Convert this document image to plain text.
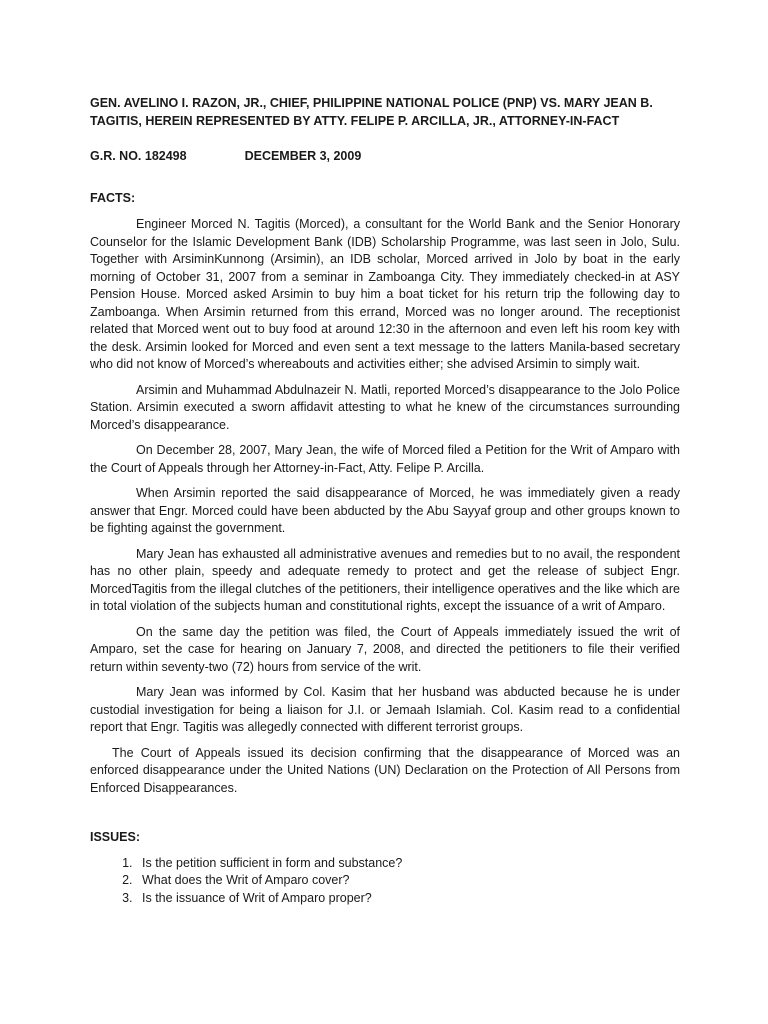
GEN. AVELINO I. RAZON, JR., CHIEF, PHILIPPINE NATIONAL POLICE (PNP) VS. MARY JEAN B. TAGITIS, HEREIN REPRESENTED BY ATTY. FELIPE P. ARCILLA, JR., ATTORNEY-IN-FACT

G.R. NO. 182498	DECEMBER 3, 2009

FACTS:

Engineer Morced N. Tagitis (Morced), a consultant for the World Bank and the Senior Honorary Counselor for the Islamic Development Bank (IDB) Scholarship Programme, was last seen in Jolo, Sulu. Together with ArsiminKunnong (Arsimin), an IDB scholar, Morced arrived in Jolo by boat in the early morning of October 31, 2007 from a seminar in Zamboanga City. They immediately checked-in at ASY Pension House. Morced asked Arsimin to buy him a boat ticket for his return trip the following day to Zamboanga. When Arsimin returned from this errand, Morced was no longer around. The receptionist related that Morced went out to buy food at around 12:30 in the afternoon and even left his room key with the desk. Arsimin looked for Morced and even sent a text message to the latters Manila-based secretary who did not know of Morced’s whereabouts and activities either; she advised Arsimin to simply wait.

Arsimin and Muhammad Abdulnazeir N. Matli, reported Morced’s disappearance to the Jolo Police Station. Arsimin executed a sworn affidavit attesting to what he knew of the circumstances surrounding Morced’s disappearance.

On December 28, 2007, Mary Jean, the wife of Morced filed a Petition for the Writ of Amparo with the Court of Appeals through her Attorney-in-Fact, Atty. Felipe P. Arcilla.

When Arsimin reported the said disappearance of Morced, he was immediately given a ready answer that Engr. Morced could have been abducted by the Abu Sayyaf group and other groups known to be fighting against the government.

Mary Jean has exhausted all administrative avenues and remedies but to no avail, the respondent has no other plain, speedy and adequate remedy to protect and get the release of subject Engr. MorcedTagitis from the illegal clutches of the petitioners, their intelligence operatives and the like which are in total violation of the subjects human and constitutional rights, except the issuance of a writ of Amparo.

On the same day the petition was filed, the Court of Appeals immediately issued the writ of Amparo, set the case for hearing on January 7, 2008, and directed the petitioners to file their verified return within seventy-two (72) hours from service of the writ.

Mary Jean was informed by Col. Kasim that her husband was abducted because he is under custodial investigation for being a liaison for J.I. or Jemaah Islamiah. Col. Kasim read to a confidential report that Engr. Tagitis was allegedly connected with different terrorist groups.

The Court of Appeals issued its decision confirming that the disappearance of Morced was an enforced disappearance under the United Nations (UN) Declaration on the Protection of All Persons from Enforced Disappearances.

ISSUES:

1. Is the petition sufficient in form and substance?
2. What does the Writ of Amparo cover?
3. Is the issuance of Writ of Amparo proper?
